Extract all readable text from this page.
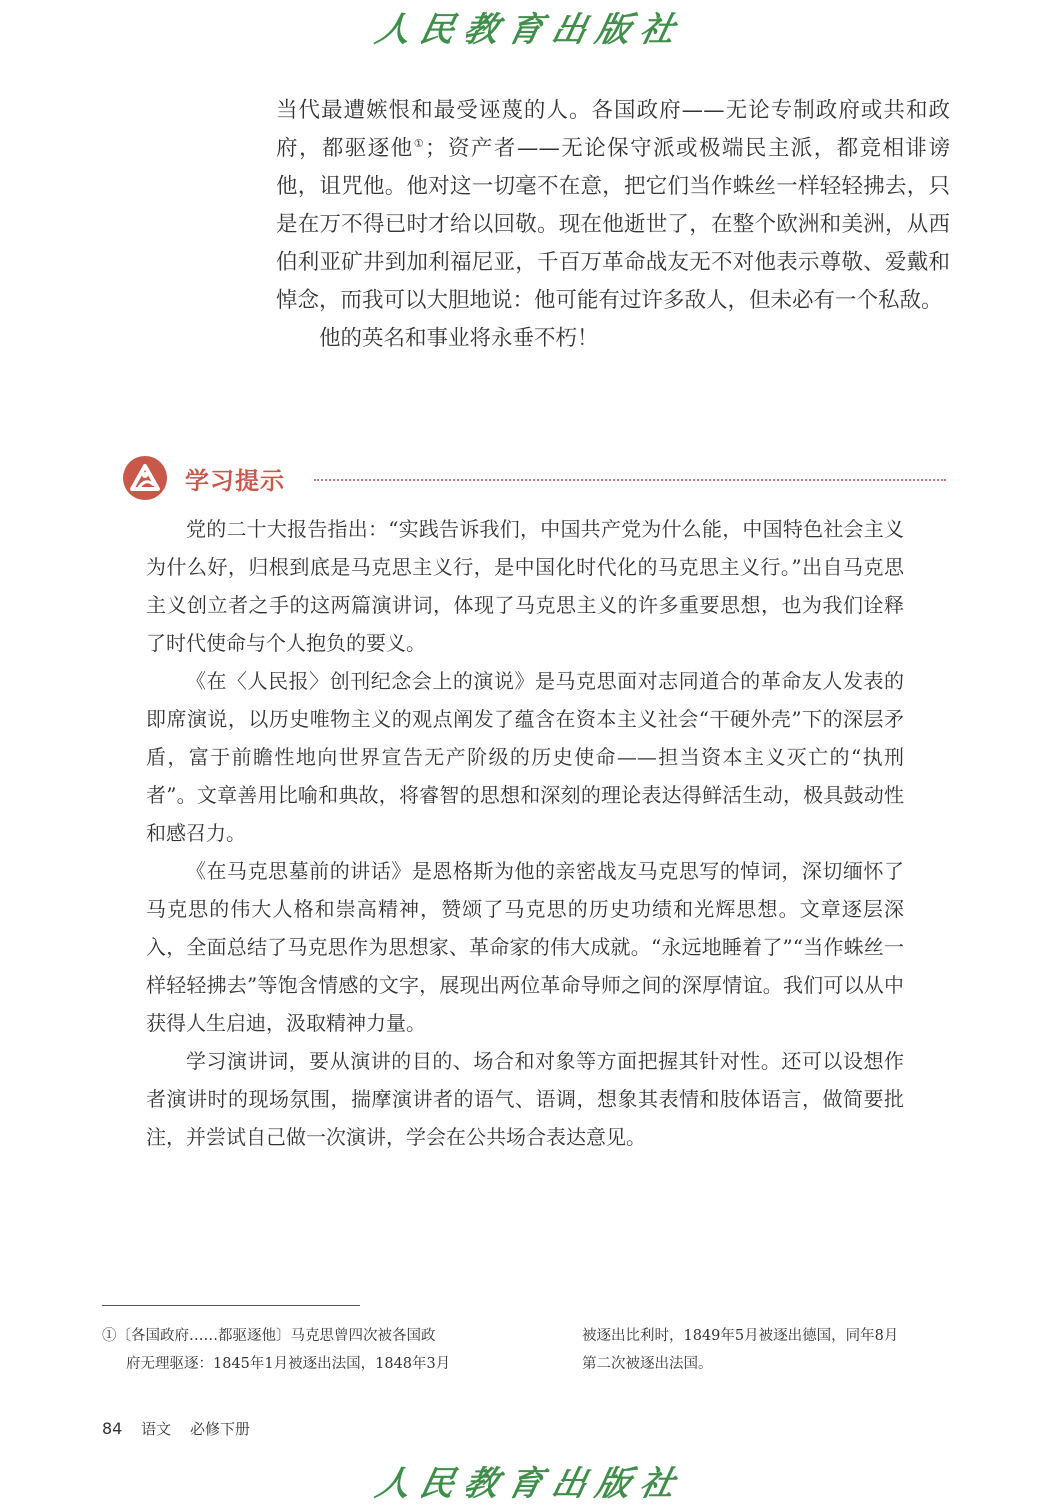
人民教育出版社

当代最遭嫉恨和最受诬蔑的人。各国政府——无论专制政府或共和政府，都驱逐他①；资产者——无论保守派或极端民主派，都竞相诽谤他，诅咒他。他对这一切毫不在意，把它们当作蛛丝一样轻轻拂去，只是在万不得已时才给以回敬。现在他逝世了，在整个欧洲和美洲，从西伯利亚矿井到加利福尼亚，千百万革命战友无不对他表示尊敬、爱戴和悼念，而我可以大胆地说：他可能有过许多敌人，但未必有一个私敌。

他的英名和事业将永垂不朽！

学习提示

党的二十大报告指出：“实践告诉我们，中国共产党为什么能，中国特色社会主义为什么好，归根到底是马克思主义行，是中国化时代化的马克思主义行。”出自马克思主义创立者之手的这两篇演讲词，体现了马克思主义的许多重要思想，也为我们诠释了时代使命与个人抱负的要义。

《在〈人民报〉创刊纪念会上的演说》是马克思面对志同道合的革命友人发表的即席演说，以历史唯物主义的观点阐发了蕴含在资本主义社会“干硬外壳”下的深层矛盾，富于前瞻性地向世界宣告无产阶级的历史使命——担当资本主义灭亡的“执刑者”。文章善用比喻和典故，将睿智的思想和深刻的理论表达得鲜活生动，极具鼓动性和感召力。

《在马克思墓前的讲话》是恩格斯为他的亲密战友马克思写的悼词，深切缅怀了马克思的伟大人格和崇高精神，赞颂了马克思的历史功绩和光辉思想。文章逐层深入，全面总结了马克思作为思想家、革命家的伟大成就。“永远地睡着了”“当作蛛丝一样轻轻拂去”等饱含情感的文字，展现出两位革命导师之间的深厚情谊。我们可以从中获得人生启迪，汲取精神力量。

学习演讲词，要从演讲的目的、场合和对象等方面把握其针对性。还可以设想作者演讲时的现场氛围，揣摩演讲者的语气、语调，想象其表情和肢体语言，做简要批注，并尝试自己做一次演讲，学会在公共场合表达意见。

①〔各国政府……都驱逐他〕马克思曾四次被各国政
府无理驱逐：1845年1月被逐出法国，1848年3月
被逐出比利时，1849年5月被逐出德国，同年8月
第二次被逐出法国。
84 语文 必修下册
人民教育出版社
